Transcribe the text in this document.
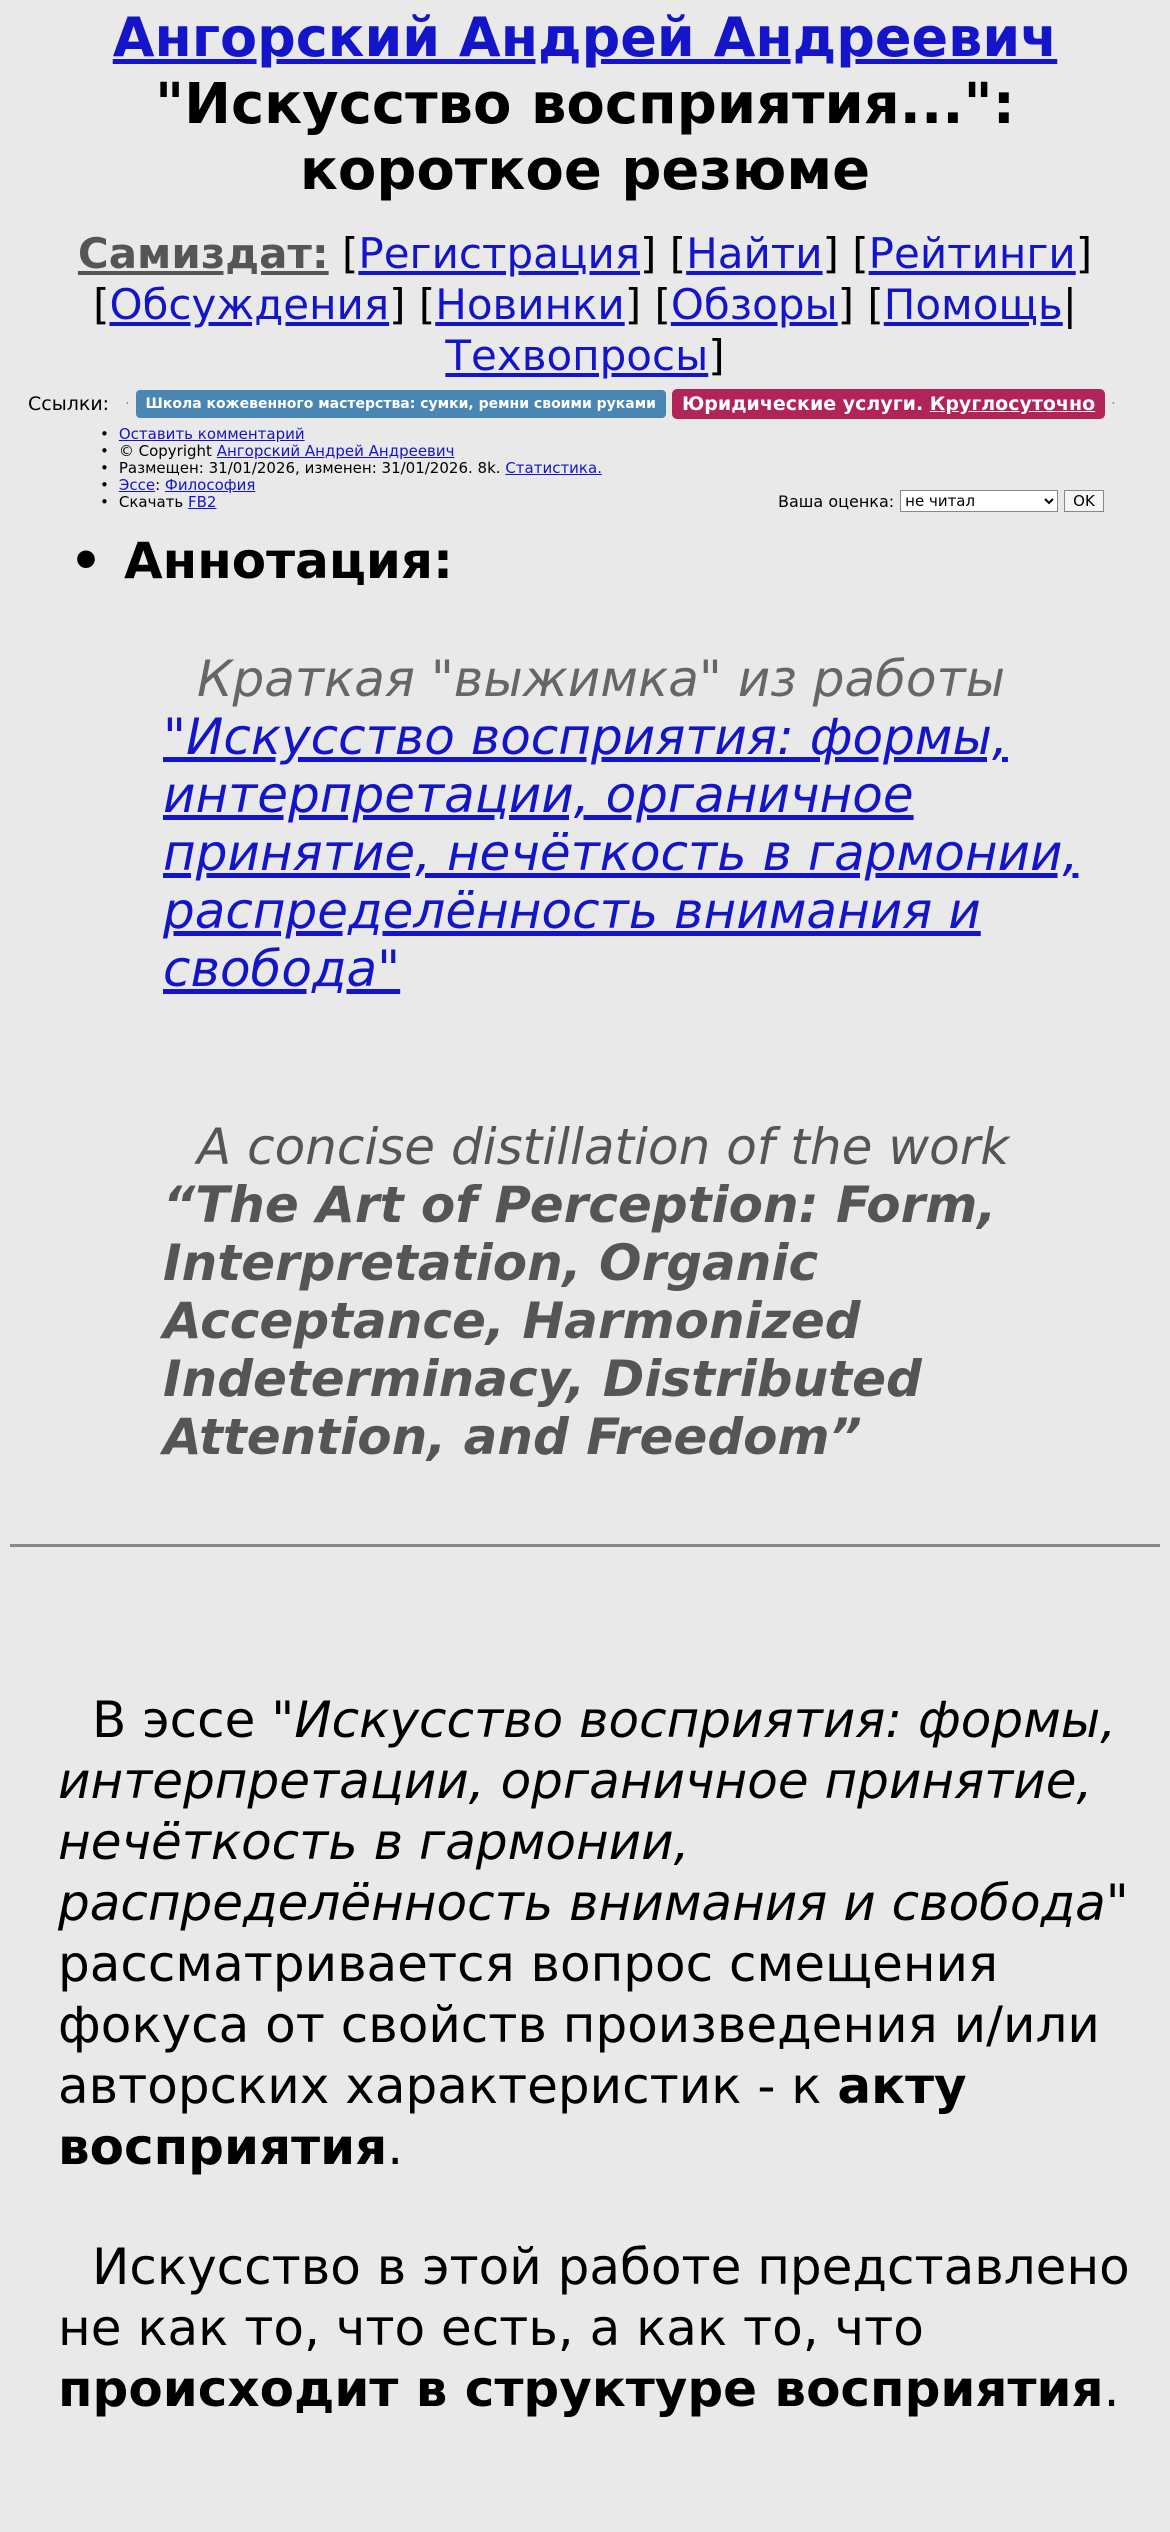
Ангорский Андрей Андреевич
"Искусство восприятия...":
короткое резюме
Самиздат: [Регистрация] [Найти] [Рейтинги] [Обсуждения] [Новинки] [Обзоры] [Помощь| Техвопросы]
Ссылки: ·	Школа кожевенного мастерства: сумки, ремни своими руками	Юридические услуги. Круглосуточно	·
• Оставить комментарий
• © Copyright Ангорский Андрей Андреевич
• Размещен: 31/01/2026, изменен: 31/01/2026. 8k. Статистика.
• Эссе: Философия
• Скачать FB2	Ваша оценка:
не читал	OK
• Аннотация:
Краткая "выжимка" из работы
"Искусство восприятия: формы, интерпретации, органичное принятие, нечёткость в гармонии, распределённость внимания и свобода"
A concise distillation of the work
“The Art of Perception: Form, Interpretation, Organic Acceptance, Harmonized Indeterminacy, Distributed Attention, and Freedom”
В эссе "Искусство восприятия: формы, интерпретации, органичное принятие, нечёткость в гармонии, распределённость внимания и свобода" рассматривается вопрос смещения фокуса от свойств произведения и/или авторских характеристик - к акту восприятия.
Искусство в этой работе представлено не как то, что есть, а как то, что происходит в структуре восприятия.
